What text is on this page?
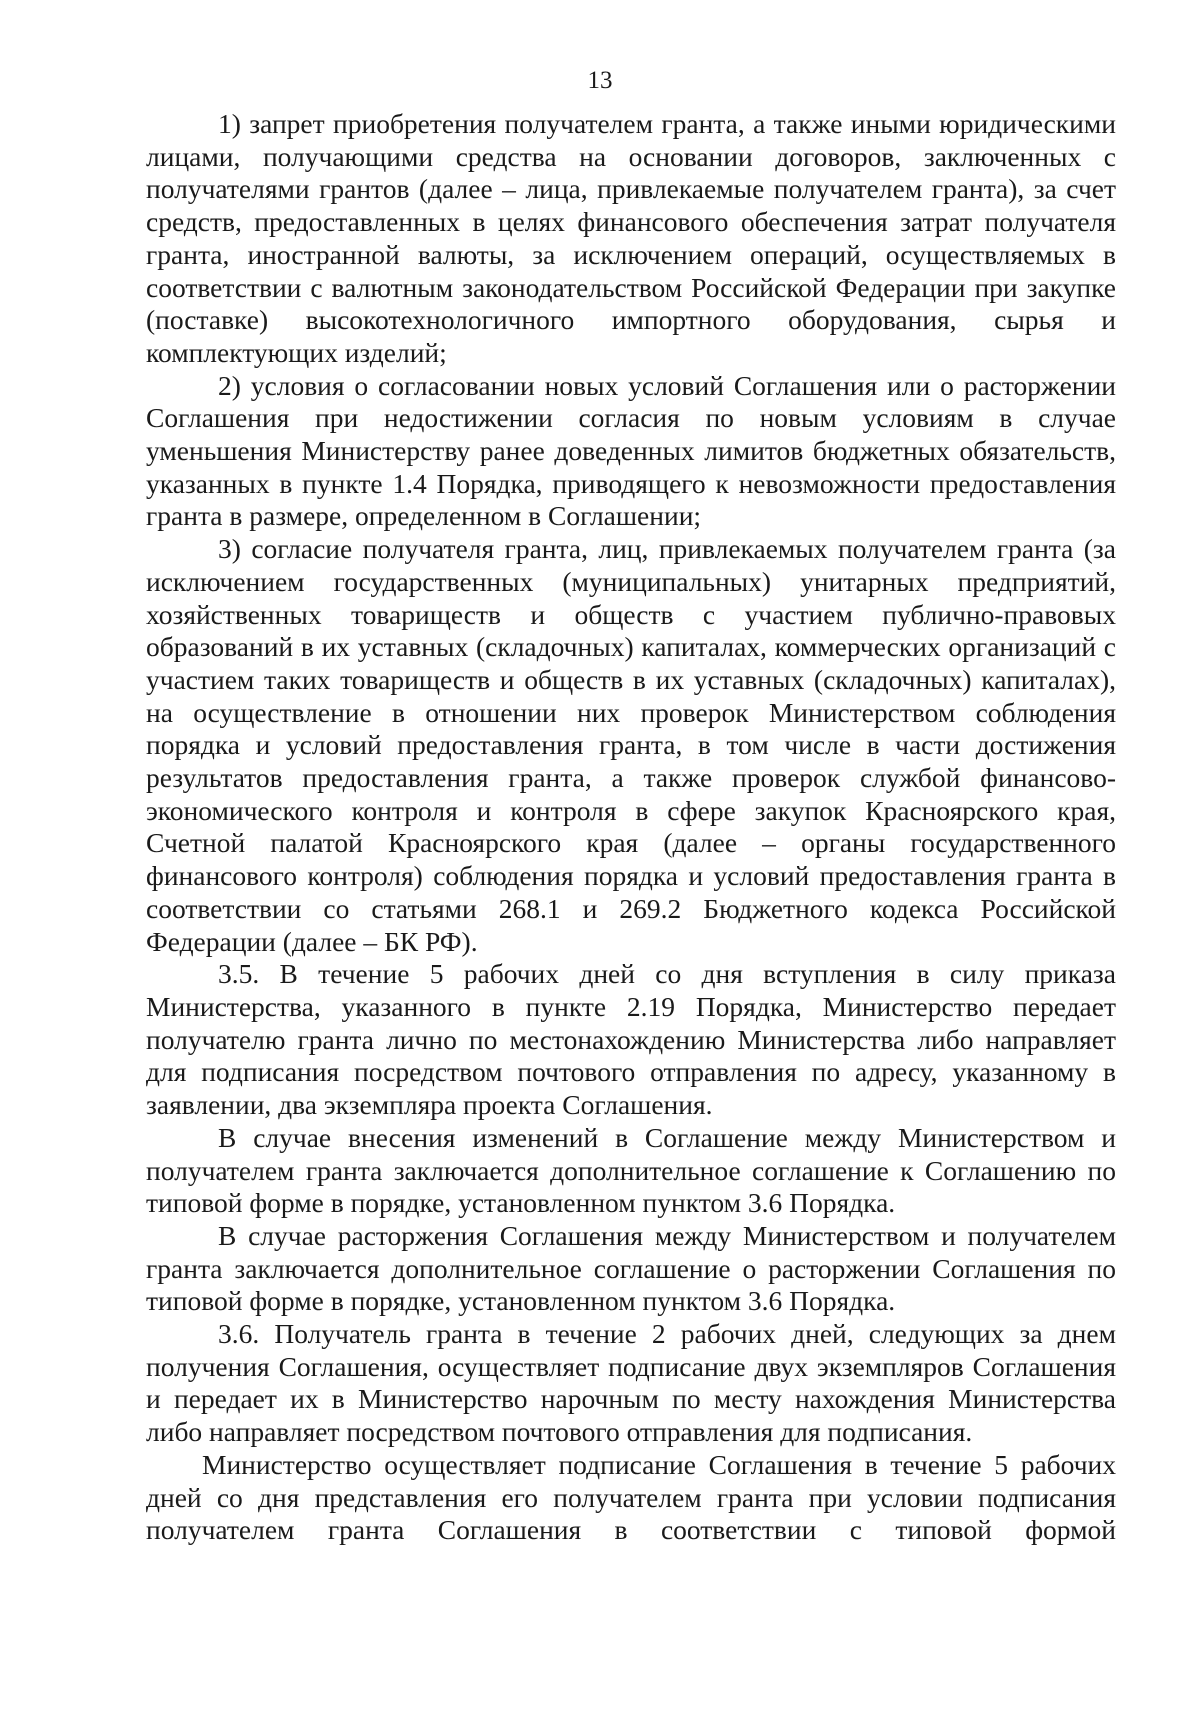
13

1) запрет приобретения получателем гранта, а также иными юридическими лицами, получающими средства на основании договоров, заключенных с получателями грантов (далее – лица, привлекаемые получателем гранта), за счет средств, предоставленных в целях финансового обеспечения затрат получателя гранта, иностранной валюты, за исключением операций, осуществляемых в соответствии с валютным законодательством Российской Федерации при закупке (поставке) высокотехнологичного импортного оборудования, сырья и комплектующих изделий;

2) условия о согласовании новых условий Соглашения или о расторжении Соглашения при недостижении согласия по новым условиям в случае уменьшения Министерству ранее доведенных лимитов бюджетных обязательств, указанных в пункте 1.4 Порядка, приводящего к невозможности предоставления гранта в размере, определенном в Соглашении;

3) согласие получателя гранта, лиц, привлекаемых получателем гранта (за исключением государственных (муниципальных) унитарных предприятий, хозяйственных товариществ и обществ с участием публично-правовых образований в их уставных (складочных) капиталах, коммерческих организаций с участием таких товариществ и обществ в их уставных (складочных) капиталах), на осуществление в отношении них проверок Министерством соблюдения порядка и условий предоставления гранта, в том числе в части достижения результатов предоставления гранта, а также проверок службой финансово-экономического контроля и контроля в сфере закупок Красноярского края, Счетной палатой Красноярского края (далее – органы государственного финансового контроля) соблюдения порядка и условий предоставления гранта в соответствии со статьями 268.1 и 269.2 Бюджетного кодекса Российской Федерации (далее – БК РФ).

3.5. В течение 5 рабочих дней со дня вступления в силу приказа Министерства, указанного в пункте 2.19 Порядка, Министерство передает получателю гранта лично по местонахождению Министерства либо направляет для подписания посредством почтового отправления по адресу, указанному в заявлении, два экземпляра проекта Соглашения.

В случае внесения изменений в Соглашение между Министерством и получателем гранта заключается дополнительное соглашение к Соглашению по типовой форме в порядке, установленном пунктом 3.6 Порядка.

В случае расторжения Соглашения между Министерством и получателем гранта заключается дополнительное соглашение о расторжении Соглашения по типовой форме в порядке, установленном пунктом 3.6 Порядка.

3.6. Получатель гранта в течение 2 рабочих дней, следующих за днем получения Соглашения, осуществляет подписание двух экземпляров Соглашения и передает их в Министерство нарочным по месту нахождения Министерства либо направляет посредством почтового отправления для подписания.

Министерство осуществляет подписание Соглашения в течение 5 рабочих дней со дня представления его получателем гранта при условии подписания получателем гранта Соглашения в соответствии с типовой формой
